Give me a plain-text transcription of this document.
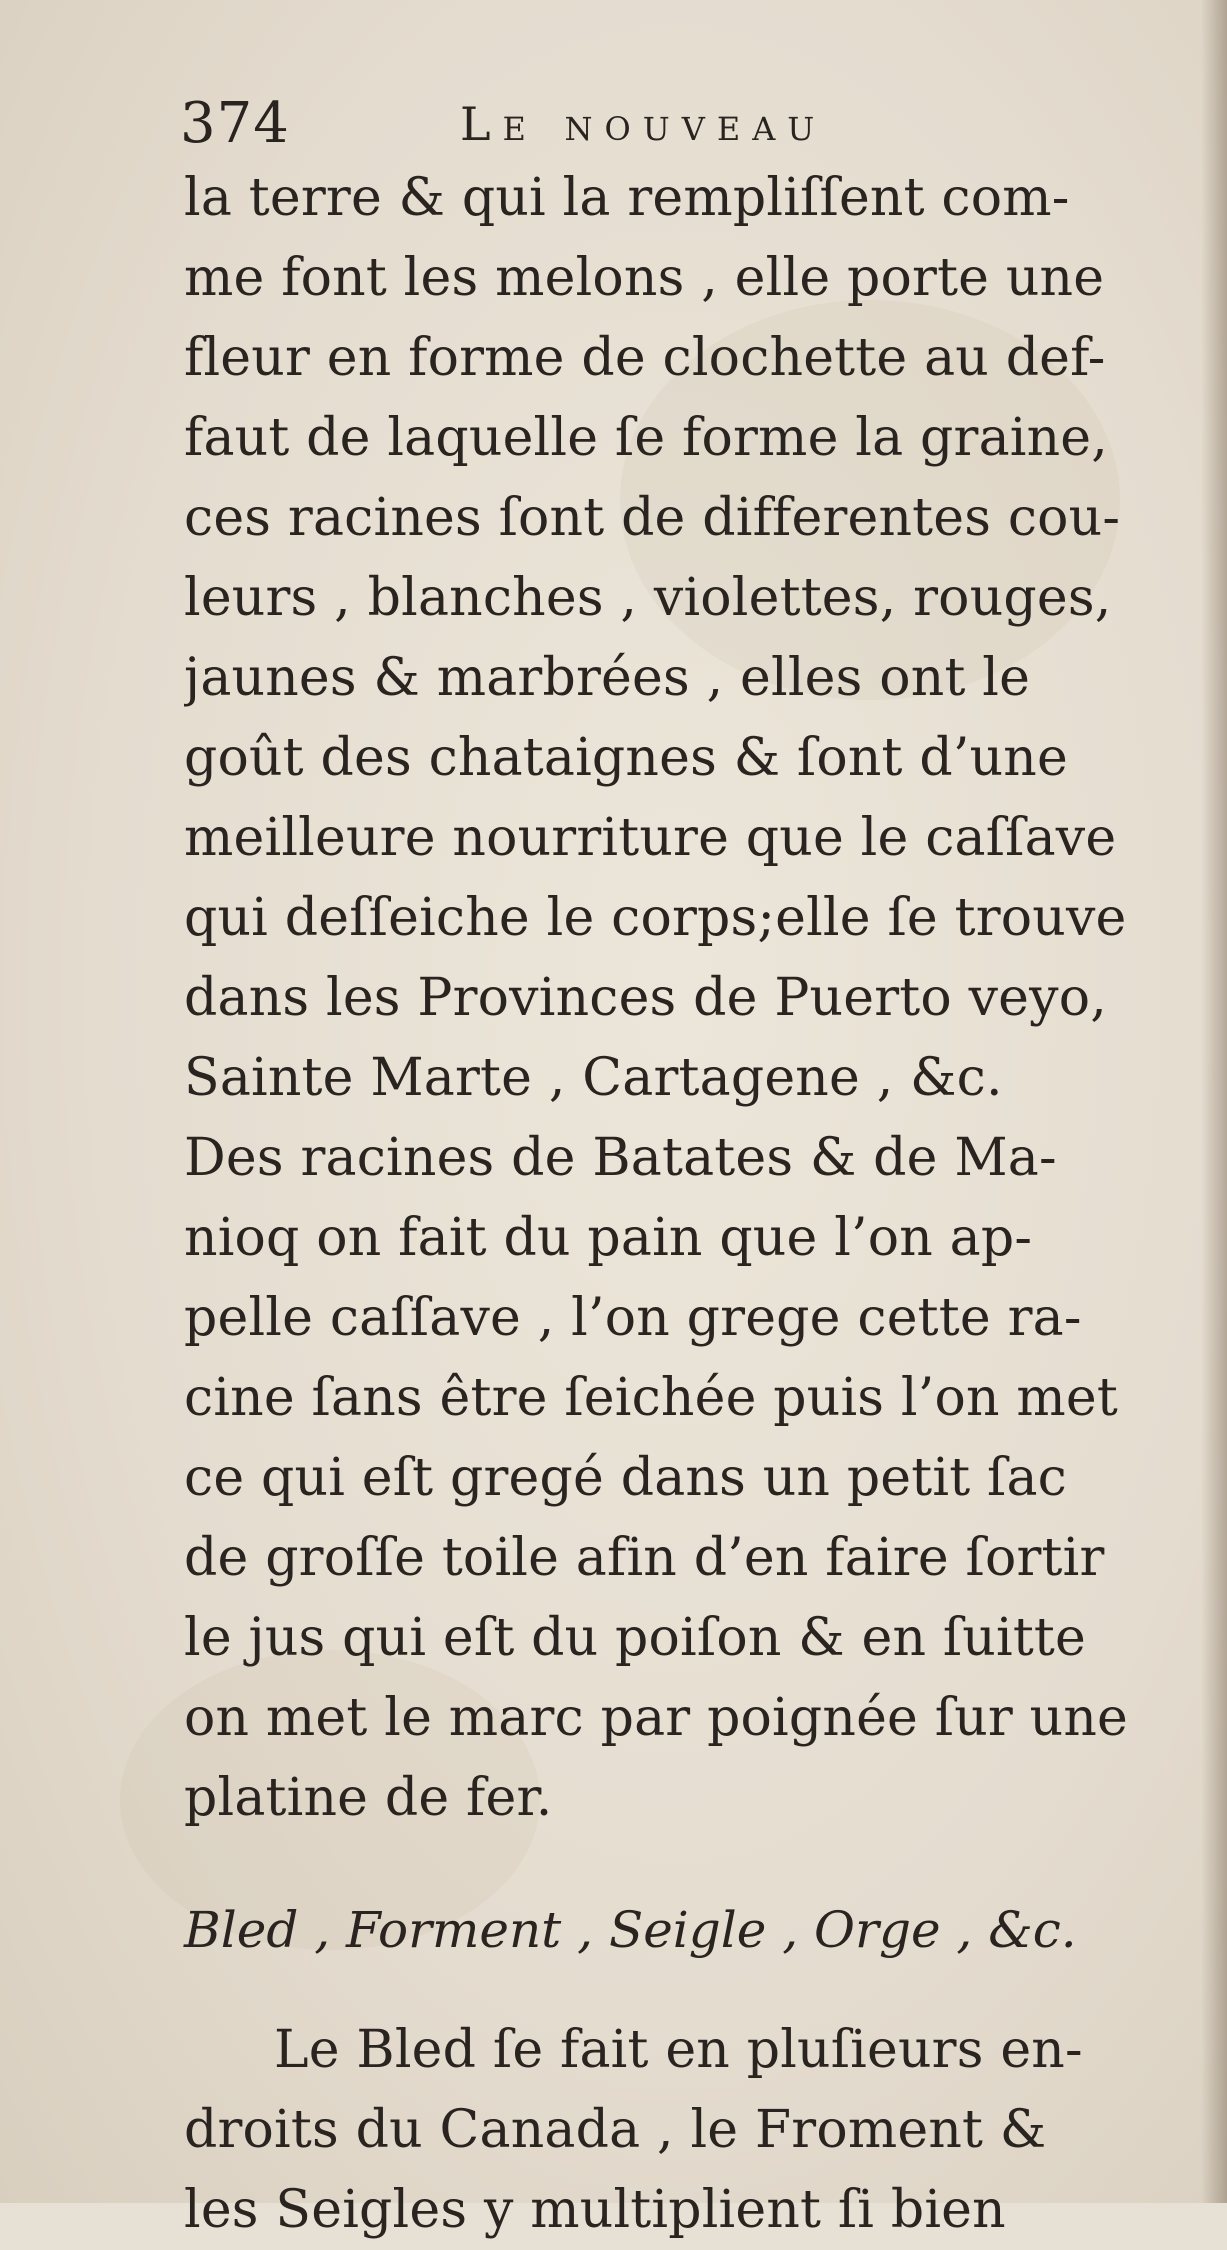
374	Le nouveau
la terre & qui la rempliſſent com-
me font les melons , elle porte une
fleur en forme de clochette au def-
faut de laquelle ſe forme la graine,
ces racines ſont de differentes cou-
leurs , blanches , violettes, rouges,
jaunes & marbrées , elles ont le
goût des chataignes & ſont d’une
meilleure nourriture que le caſſave
qui deſſeiche le corps;elle ſe trouve
dans les Provinces de Puerto veyo,
Sainte Marte , Cartagene , &c.
Des racines de Batates & de Ma-
nioq on fait du pain que l’on ap-
pelle caſſave , l’on grege cette ra-
cine ſans être ſeichée puis l’on met
ce qui eſt gregé dans un petit ſac
de groſſe toile afin d’en faire ſortir
le jus qui eſt du poiſon & en ſuitte
on met le marc par poignée ſur une
platine de fer.
Bled , Forment , Seigle , Orge , &c.
Le Bled ſe fait en pluſieurs en-
droits du Canada , le Froment &
les Seigles y multiplient ſi bien
